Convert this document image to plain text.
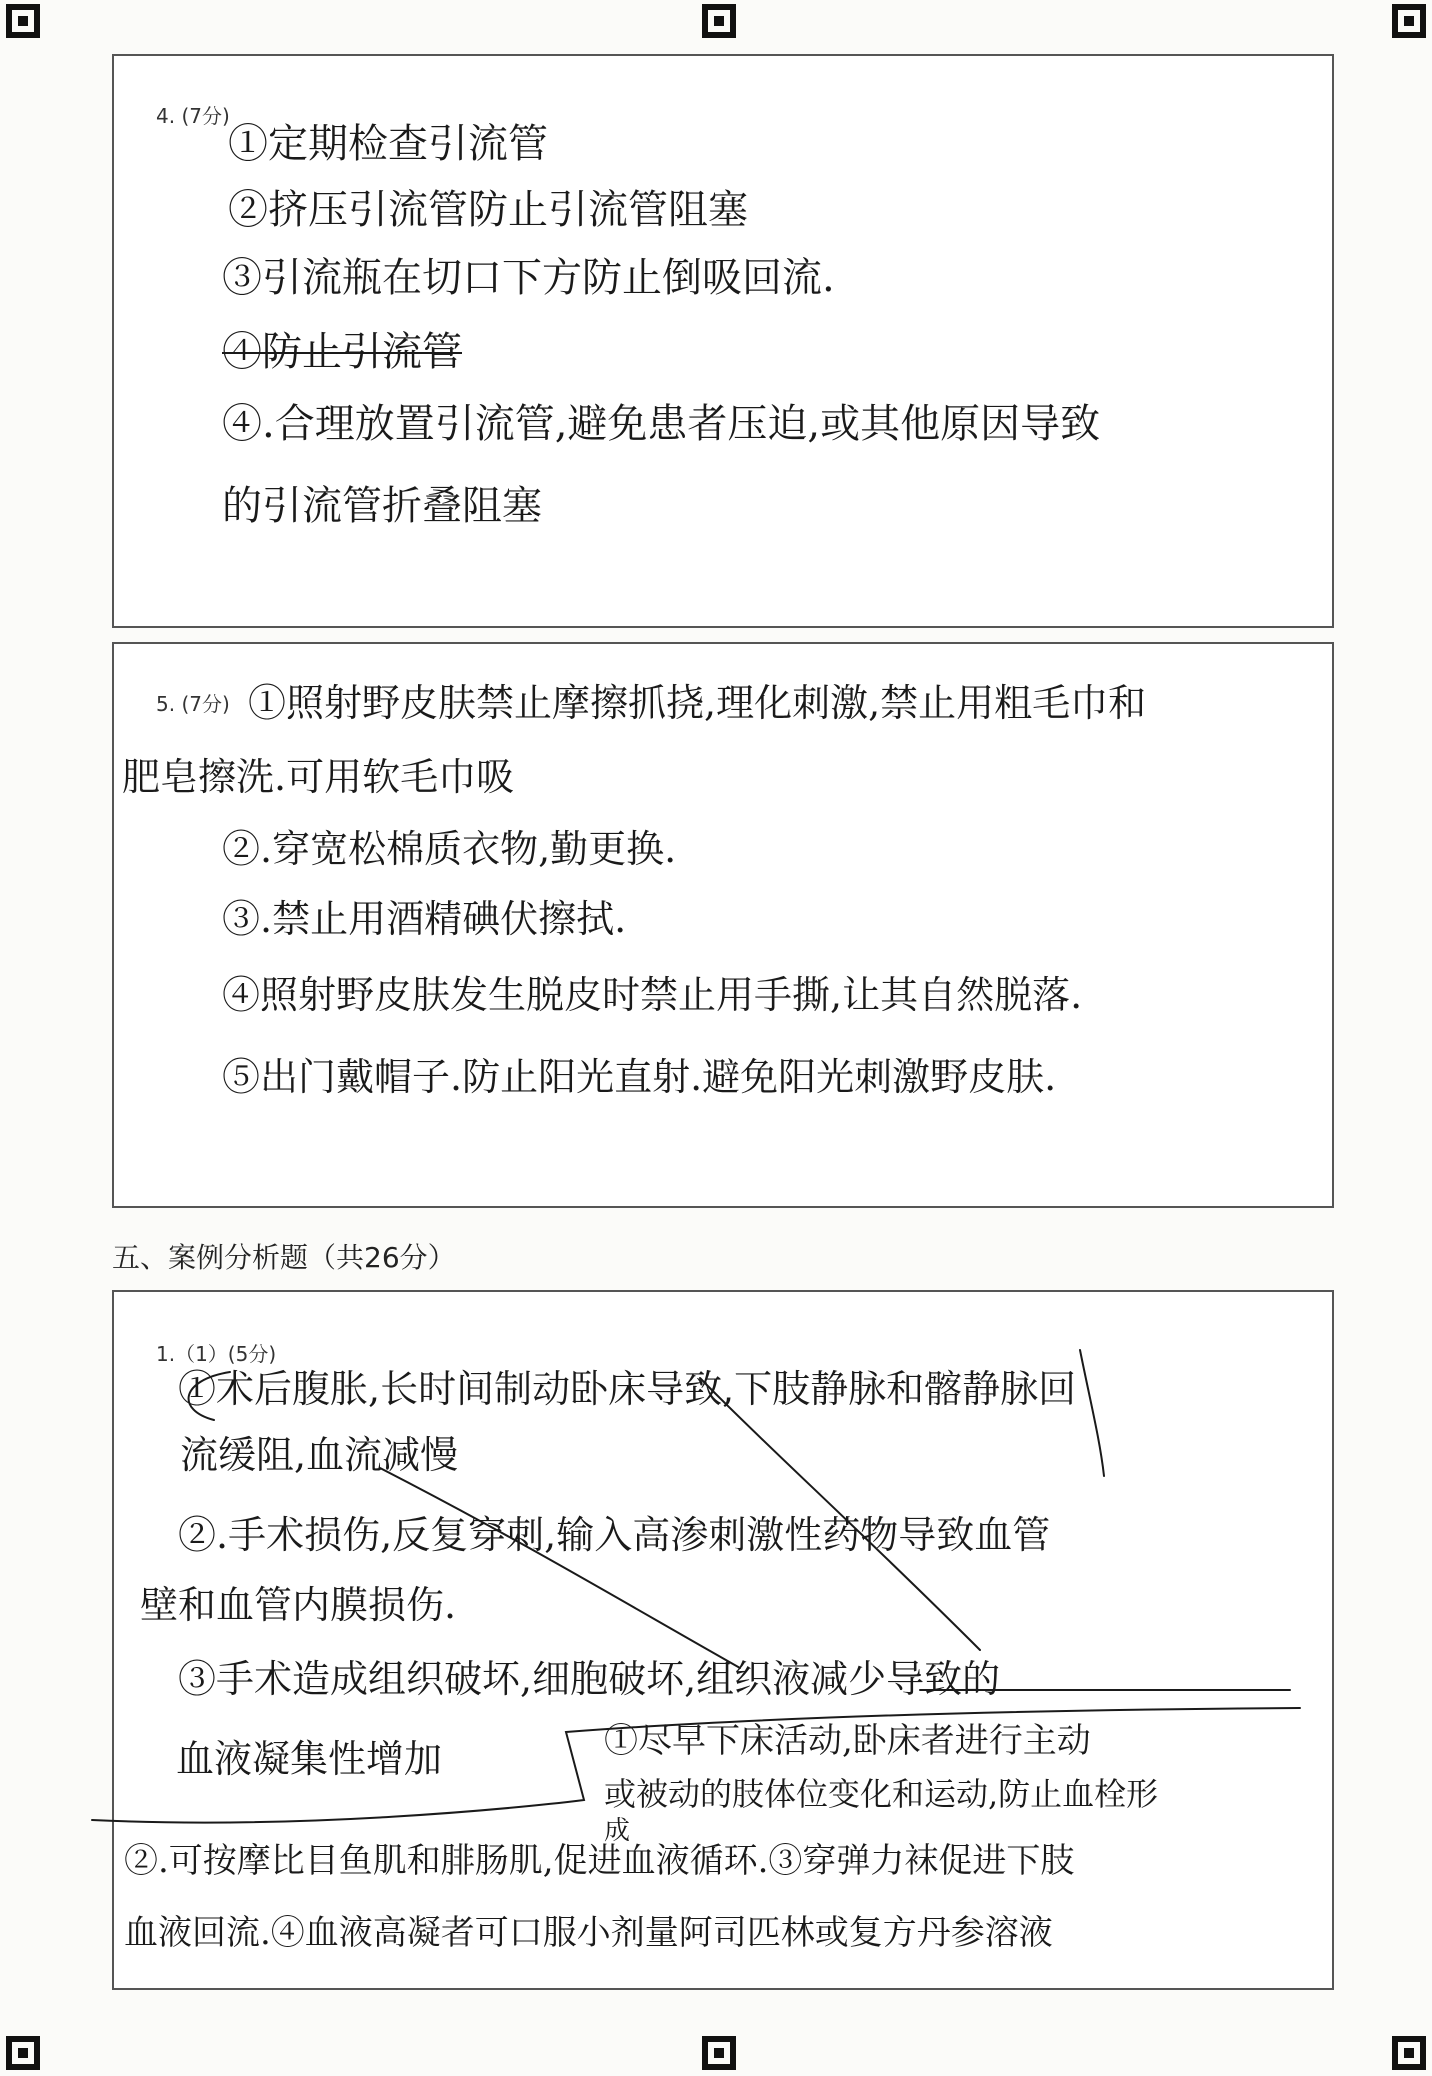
4. (7分)
①定期检查引流管
②挤压引流管防止引流管阻塞
③引流瓶在切口下方防止倒吸回流.
④防止引流管
④.合理放置引流管,避免患者压迫,或其他原因导致
的引流管折叠阻塞
5. (7分) ①照射野皮肤禁止摩擦抓挠,理化刺激,禁止用粗毛巾和
肥皂擦洗.可用软毛巾吸
②.穿宽松棉质衣物,勤更换.
③.禁止用酒精碘伏擦拭.
④照射野皮肤发生脱皮时禁止用手撕,让其自然脱落.
⑤出门戴帽子.防止阳光直射.避免阳光刺激野皮肤.
五、案例分析题（共26分）
1.（1）(5分)
①术后腹胀,长时间制动卧床导致,下肢静脉和髂静脉回
流缓阻,血流减慢
②.手术损伤,反复穿刺,输入高渗刺激性药物导致血管
壁和血管内膜损伤.
③手术造成组织破坏,细胞破坏,组织液减少导致的
血液凝集性增加	①尽早下床活动,卧床者进行主动
或被动的肢体位变化和运动,防止血栓形
成
②.可按摩比目鱼肌和腓肠肌,促进血液循环.③穿弹力袜促进下肢
血液回流.④血液高凝者可口服小剂量阿司匹林或复方丹参溶液
